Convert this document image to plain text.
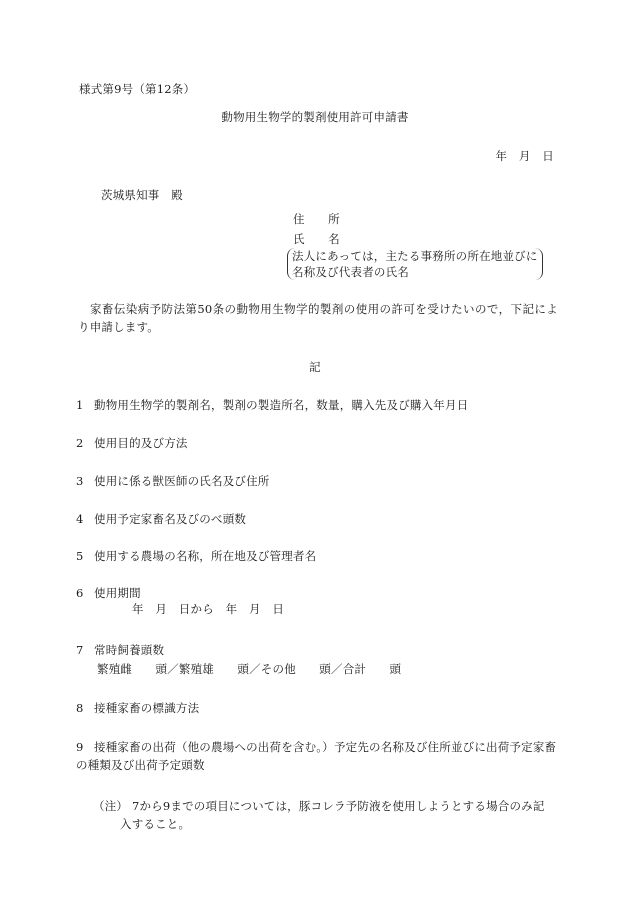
様式第9号（第12条）
動物用生物学的製剤使用許可申請書
年　月　日
茨城県知事　殿
住　　所
氏　　名
法人にあっては，主たる事務所の所在地並びに名称及び代表者の氏名
家畜伝染病予防法第50条の動物用生物学的製剤の使用の許可を受けたいので，下記により申請します。
記
1 動物用生物学的製剤名，製剤の製造所名，数量，購入先及び購入年月日
2 使用目的及び方法
3 使用に係る獣医師の氏名及び住所
4 使用予定家畜名及びのべ頭数
5 使用する農場の名称，所在地及び管理者名
6 使用期間
年　月　日から　年　月　日
7 常時飼養頭数
繁殖雌　　頭／繁殖雄　　頭／その他　　頭／合計　　頭
8 接種家畜の標識方法
9 接種家畜の出荷（他の農場への出荷を含む。）予定先の名称及び住所並びに出荷予定家畜の種類及び出荷予定頭数
（注） 7から9までの項目については，豚コレラ予防液を使用しようとする場合のみ記
入すること。
